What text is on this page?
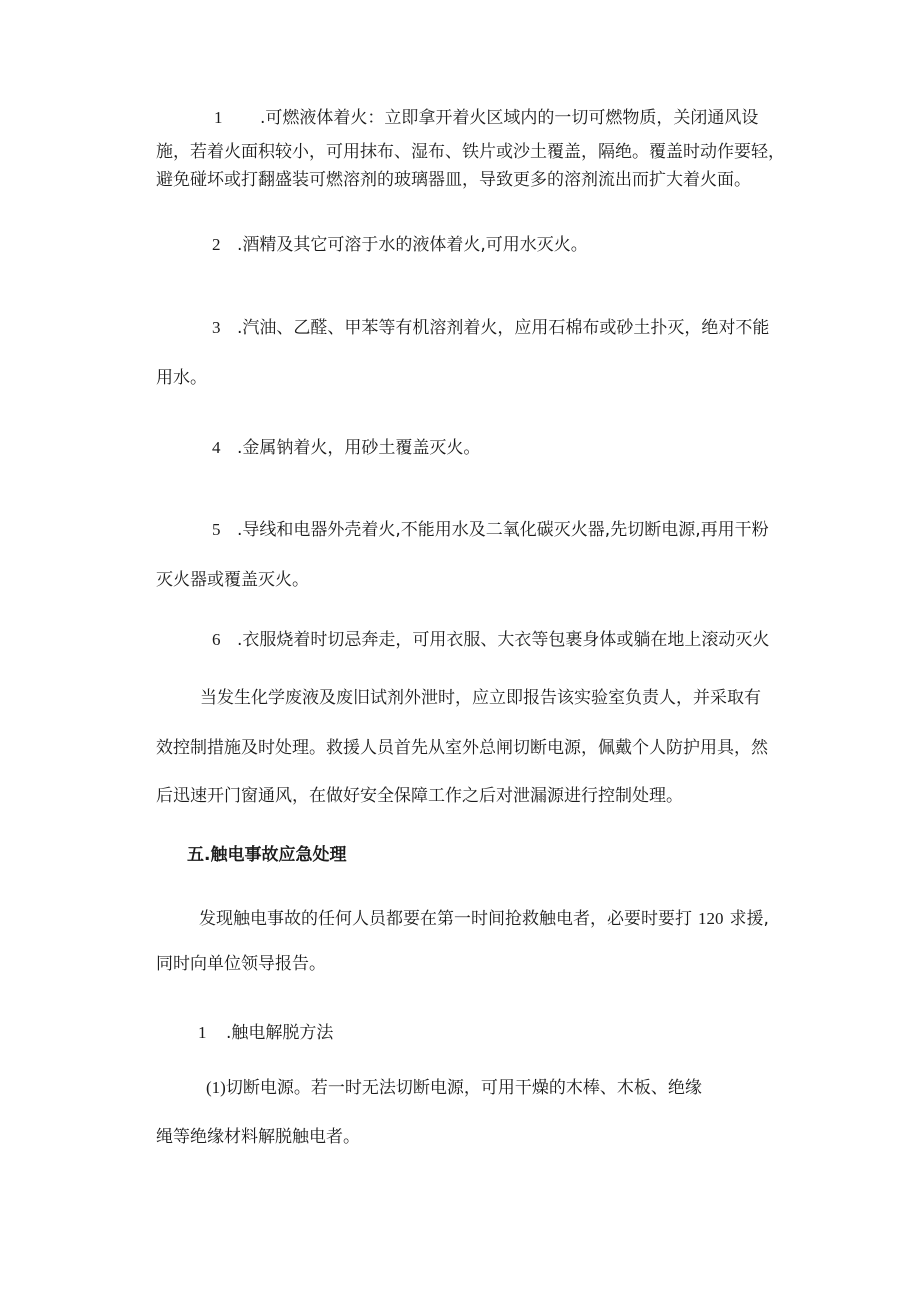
1 .可燃液体着火：立即拿开着火区域内的一切可燃物质，关闭通风设
施，若着火面积较小，可用抹布、湿布、铁片或沙土覆盖，隔绝。覆盖时动作要轻，
避免碰坏或打翻盛装可燃溶剂的玻璃器皿，导致更多的溶剂流出而扩大着火面。
2 .酒精及其它可溶于水的液体着火,可用水灭火。
3 .汽油、乙醛、甲苯等有机溶剂着火，应用石棉布或砂土扑灭，绝对不能
用水。
4 .金属钠着火，用砂土覆盖灭火。
5 .导线和电器外壳着火,不能用水及二氧化碳灭火器,先切断电源,再用干粉
灭火器或覆盖灭火。
6 .衣服烧着时切忌奔走，可用衣服、大衣等包裹身体或躺在地上滚动灭火
当发生化学废液及废旧试剂外泄时，应立即报告该实验室负责人，并采取有
效控制措施及时处理。救援人员首先从室外总闸切断电源，佩戴个人防护用具，然
后迅速开门窗通风，在做好安全保障工作之后对泄漏源进行控制处理。
五.触电事故应急处理
发现触电事故的任何人员都要在第一时间抢救触电者，必要时要打 120 求援,
同时向单位领导报告。
1 .触电解脱方法
(1)切断电源。若一时无法切断电源，可用干燥的木棒、木板、绝缘
绳等绝缘材料解脱触电者。
